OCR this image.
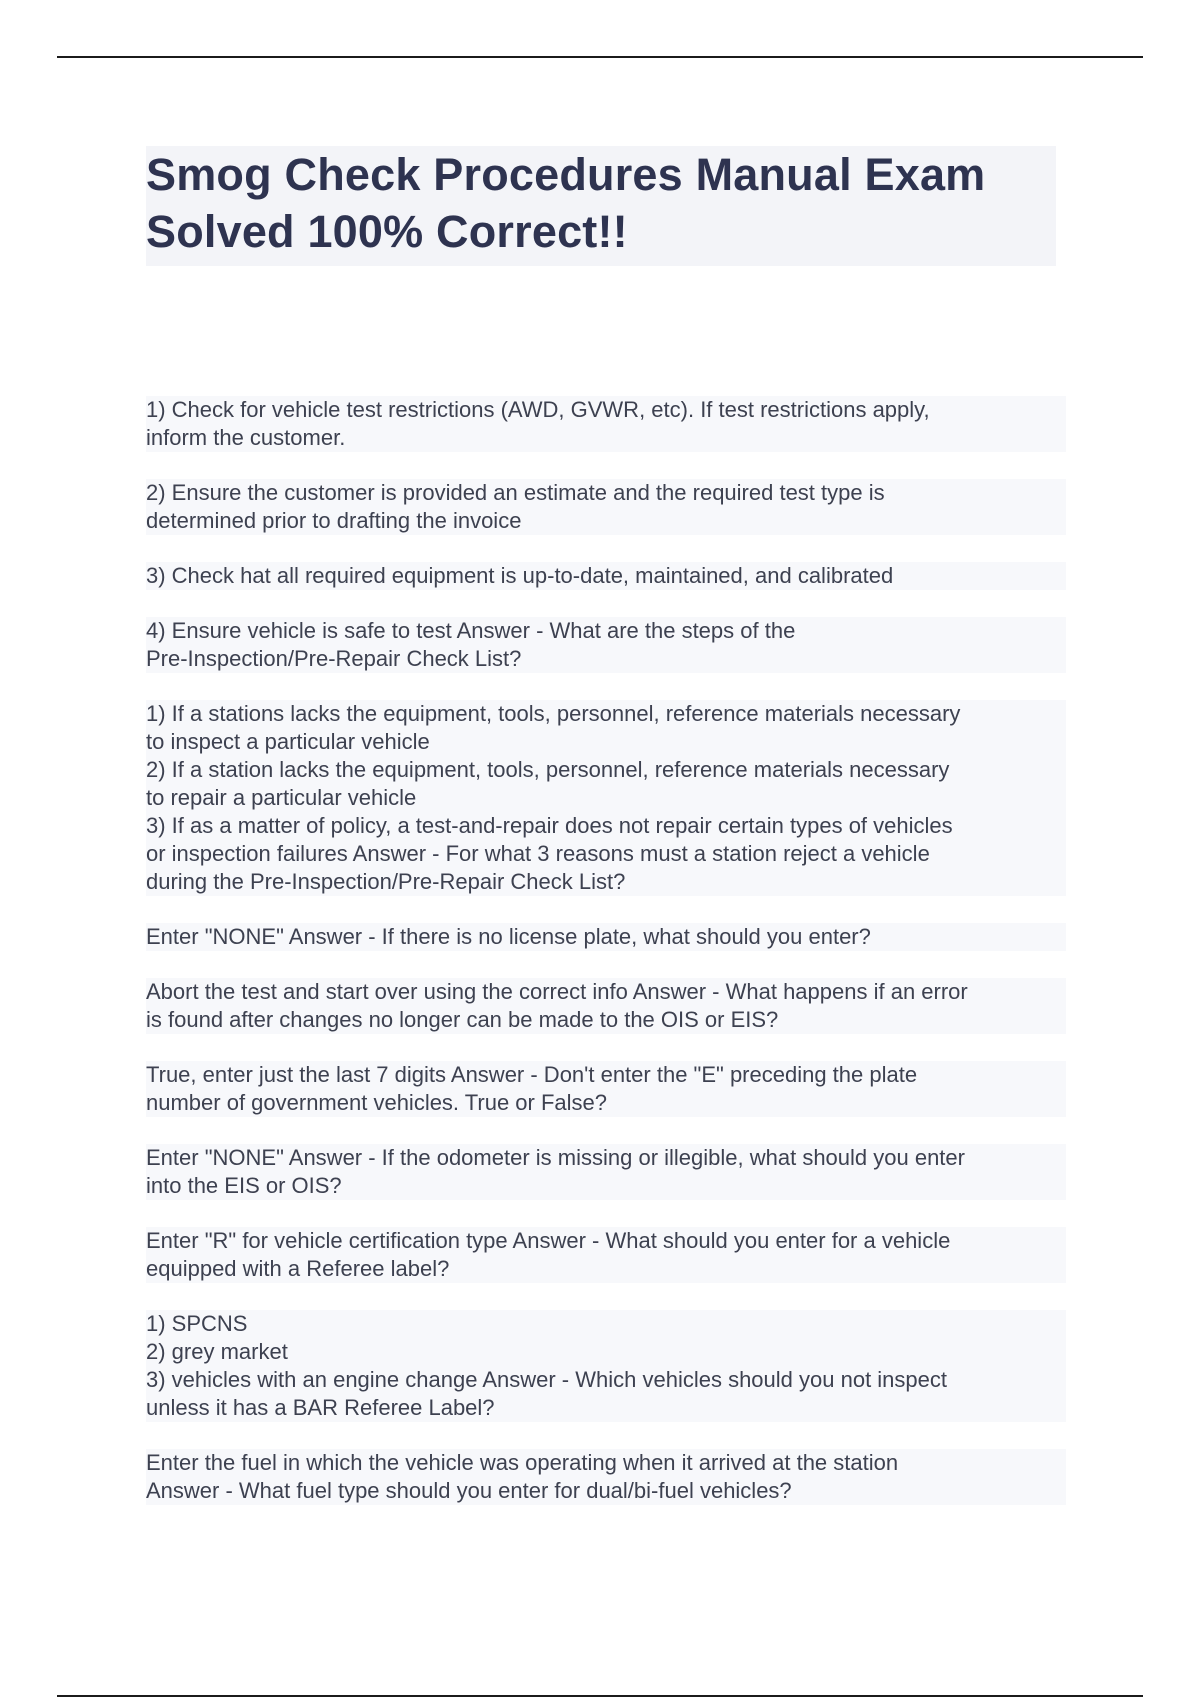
Smog Check Procedures Manual Exam
Solved 100% Correct!!
1) Check for vehicle test restrictions (AWD, GVWR, etc). If test restrictions apply,
inform the customer.
2) Ensure the customer is provided an estimate and the required test type is
determined prior to drafting the invoice
3) Check hat all required equipment is up-to-date, maintained, and calibrated
4) Ensure vehicle is safe to test Answer - What are the steps of the
Pre-Inspection/Pre-Repair Check List?
1) If a stations lacks the equipment, tools, personnel, reference materials necessary
to inspect a particular vehicle
2) If a station lacks the equipment, tools, personnel, reference materials necessary
to repair a particular vehicle
3) If as a matter of policy, a test-and-repair does not repair certain types of vehicles
or inspection failures Answer - For what 3 reasons must a station reject a vehicle
during the Pre-Inspection/Pre-Repair Check List?
Enter "NONE" Answer - If there is no license plate, what should you enter?
Abort the test and start over using the correct info Answer - What happens if an error
is found after changes no longer can be made to the OIS or EIS?
True, enter just the last 7 digits Answer - Don't enter the "E" preceding the plate
number of government vehicles. True or False?
Enter "NONE" Answer - If the odometer is missing or illegible, what should you enter
into the EIS or OIS?
Enter "R" for vehicle certification type Answer - What should you enter for a vehicle
equipped with a Referee label?
1) SPCNS
2) grey market
3) vehicles with an engine change Answer - Which vehicles should you not inspect
unless it has a BAR Referee Label?
Enter the fuel in which the vehicle was operating when it arrived at the station
Answer - What fuel type should you enter for dual/bi-fuel vehicles?
